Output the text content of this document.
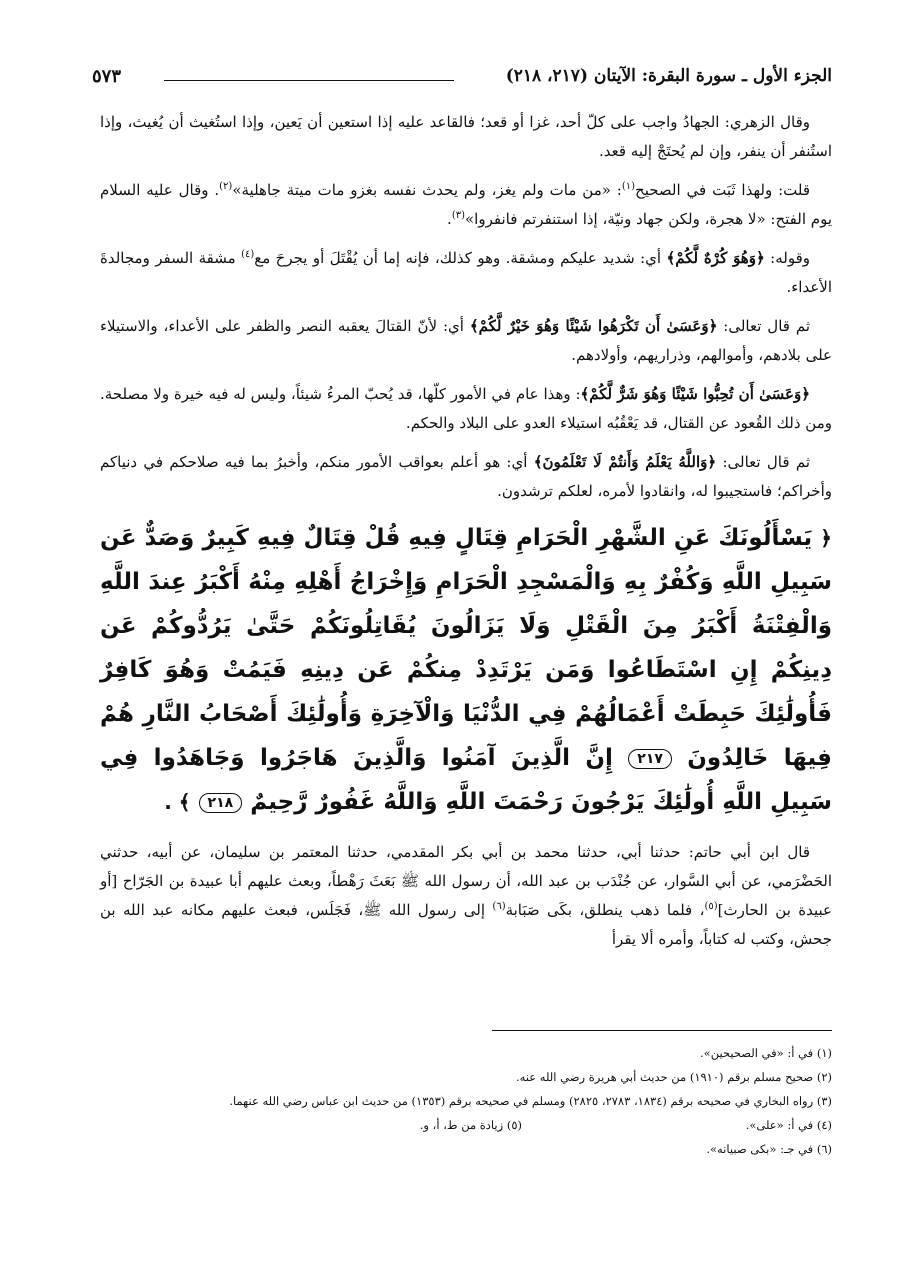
الجزء الأول ـ سورة البقرة: الآيتان (٢١٧، ٢١٨)
٥٧٣

وقال الزهري: الجهادُ واجب على كلّ أحد، غزا أو قعد؛ فالقاعد عليه إذا استعين أن يَعين، وإذا استُغيث أن يُغيث، وإذا استُنفر أن ينفر، وإن لم يُحتَجْ إليه قعد.

قلت: ولهذا ثَبَت في الصحيح$^{(١)}$: «من مات ولم يغز، ولم يحدث نفسه بغزو مات ميتة جاهلية»$^{(٢)}$. وقال عليه السلام يوم الفتح: «لا هجرة، ولكن جهاد ونيّة، إذا استنفرتم فانفروا»$^{(٣)}$.

وقوله: ﴿وَهُوَ كُرْهٌ لَّكُمْ﴾ أي: شديد عليكم ومشقة. وهو كذلك، فإنه إما أن يُقْتَلَ أو يجرحَ مع$^{(٤)}$ مشقة السفر ومجالدةَ الأعداء.

ثم قال تعالى: ﴿وَعَسَىٰ أَن تَكْرَهُوا شَيْئًا وَهُوَ خَيْرٌ لَّكُمْ﴾ أي: لأنّ القتالَ يعقبه النصر والظفر على الأعداء، والاستيلاء على بلادهم، وأموالهم، وذراريهم، وأولادهم.

﴿وَعَسَىٰ أَن تُحِبُّوا شَيْئًا وَهُوَ شَرٌّ لَّكُمْ﴾: وهذا عام في الأمور كلّها، قد يُحبّ المرءُ شيئاً، وليس له فيه خيرة ولا مصلحة. ومن ذلك القُعود عن القتال، قد يَعْقُبُه استيلاء العدو على البلاد والحكم.

ثم قال تعالى: ﴿وَاللَّهُ يَعْلَمُ وَأَنتُمْ لَا تَعْلَمُونَ﴾ أي: هو أعلم بعواقب الأمور منكم، وأخبرُ بما فيه صلاحكم في دنياكم وأخراكم؛ فاستجيبوا له، وانقادوا لأمره، لعلكم ترشدون.

﴿ يَسْأَلُونَكَ عَنِ الشَّهْرِ الْحَرَامِ قِتَالٍ فِيهِ قُلْ قِتَالٌ فِيهِ كَبِيرٌ وَصَدٌّ عَن سَبِيلِ اللَّهِ وَكُفْرٌ بِهِ وَالْمَسْجِدِ الْحَرَامِ وَإِخْرَاجُ أَهْلِهِ مِنْهُ أَكْبَرُ عِندَ اللَّهِ وَالْفِتْنَةُ أَكْبَرُ مِنَ الْقَتْلِ وَلَا يَزَالُونَ يُقَاتِلُونَكُمْ حَتَّىٰ يَرُدُّوكُمْ عَن دِينِكُمْ إِنِ اسْتَطَاعُوا وَمَن يَرْتَدِدْ مِنكُمْ عَن دِينِهِ فَيَمُتْ وَهُوَ كَافِرٌ فَأُولَٰئِكَ حَبِطَتْ أَعْمَالُهُمْ فِي الدُّنْيَا وَالْآخِرَةِ وَأُولَٰئِكَ أَصْحَابُ النَّارِ هُمْ فِيهَا خَالِدُونَ ٢١٧ إِنَّ الَّذِينَ آمَنُوا وَالَّذِينَ هَاجَرُوا وَجَاهَدُوا فِي سَبِيلِ اللَّهِ أُولَٰئِكَ يَرْجُونَ رَحْمَتَ اللَّهِ وَاللَّهُ غَفُورٌ رَّحِيمٌ ٢١٨ ﴾ .

قال ابن أبي حاتم: حدثنا أبي، حدثنا محمد بن أبي بكر المقدمي، حدثنا المعتمر بن سليمان، عن أبيه، حدثني الحَضْرَمي، عن أبي السَّوار، عن جُنْدَب بن عبد الله، أن رسول الله ﷺ بَعَثَ رَهْطاً، وبعث عليهم أبا عبيدة بن الجَرّاح [أو عبيدة بن الحارث]$^{(٥)}$، فلما ذهب ينطلق، بكَى صَبَابة$^{(٦)}$ إلى رسول الله ﷺ، فَجَلَس، فبعث عليهم مكانه عبد الله بن جحش، وكتب له كتاباً، وأمره ألا يقرأ

(١) في أ: «في الصحيحين».

(٢) صحيح مسلم برقم (١٩١٠) من حديث أبي هريرة رضي الله عنه.

(٣) رواه البخاري في صحيحه برقم (١٨٣٤، ٢٧٨٣، ٢٨٢٥) ومسلم في صحيحه برقم (١٣٥٣) من حديث ابن عباس رضي الله عنهما.

(٤) في أ: «على».
(٥) زيادة من ط، أ، و.

(٦) في جـ: «بكى صبيانه».
